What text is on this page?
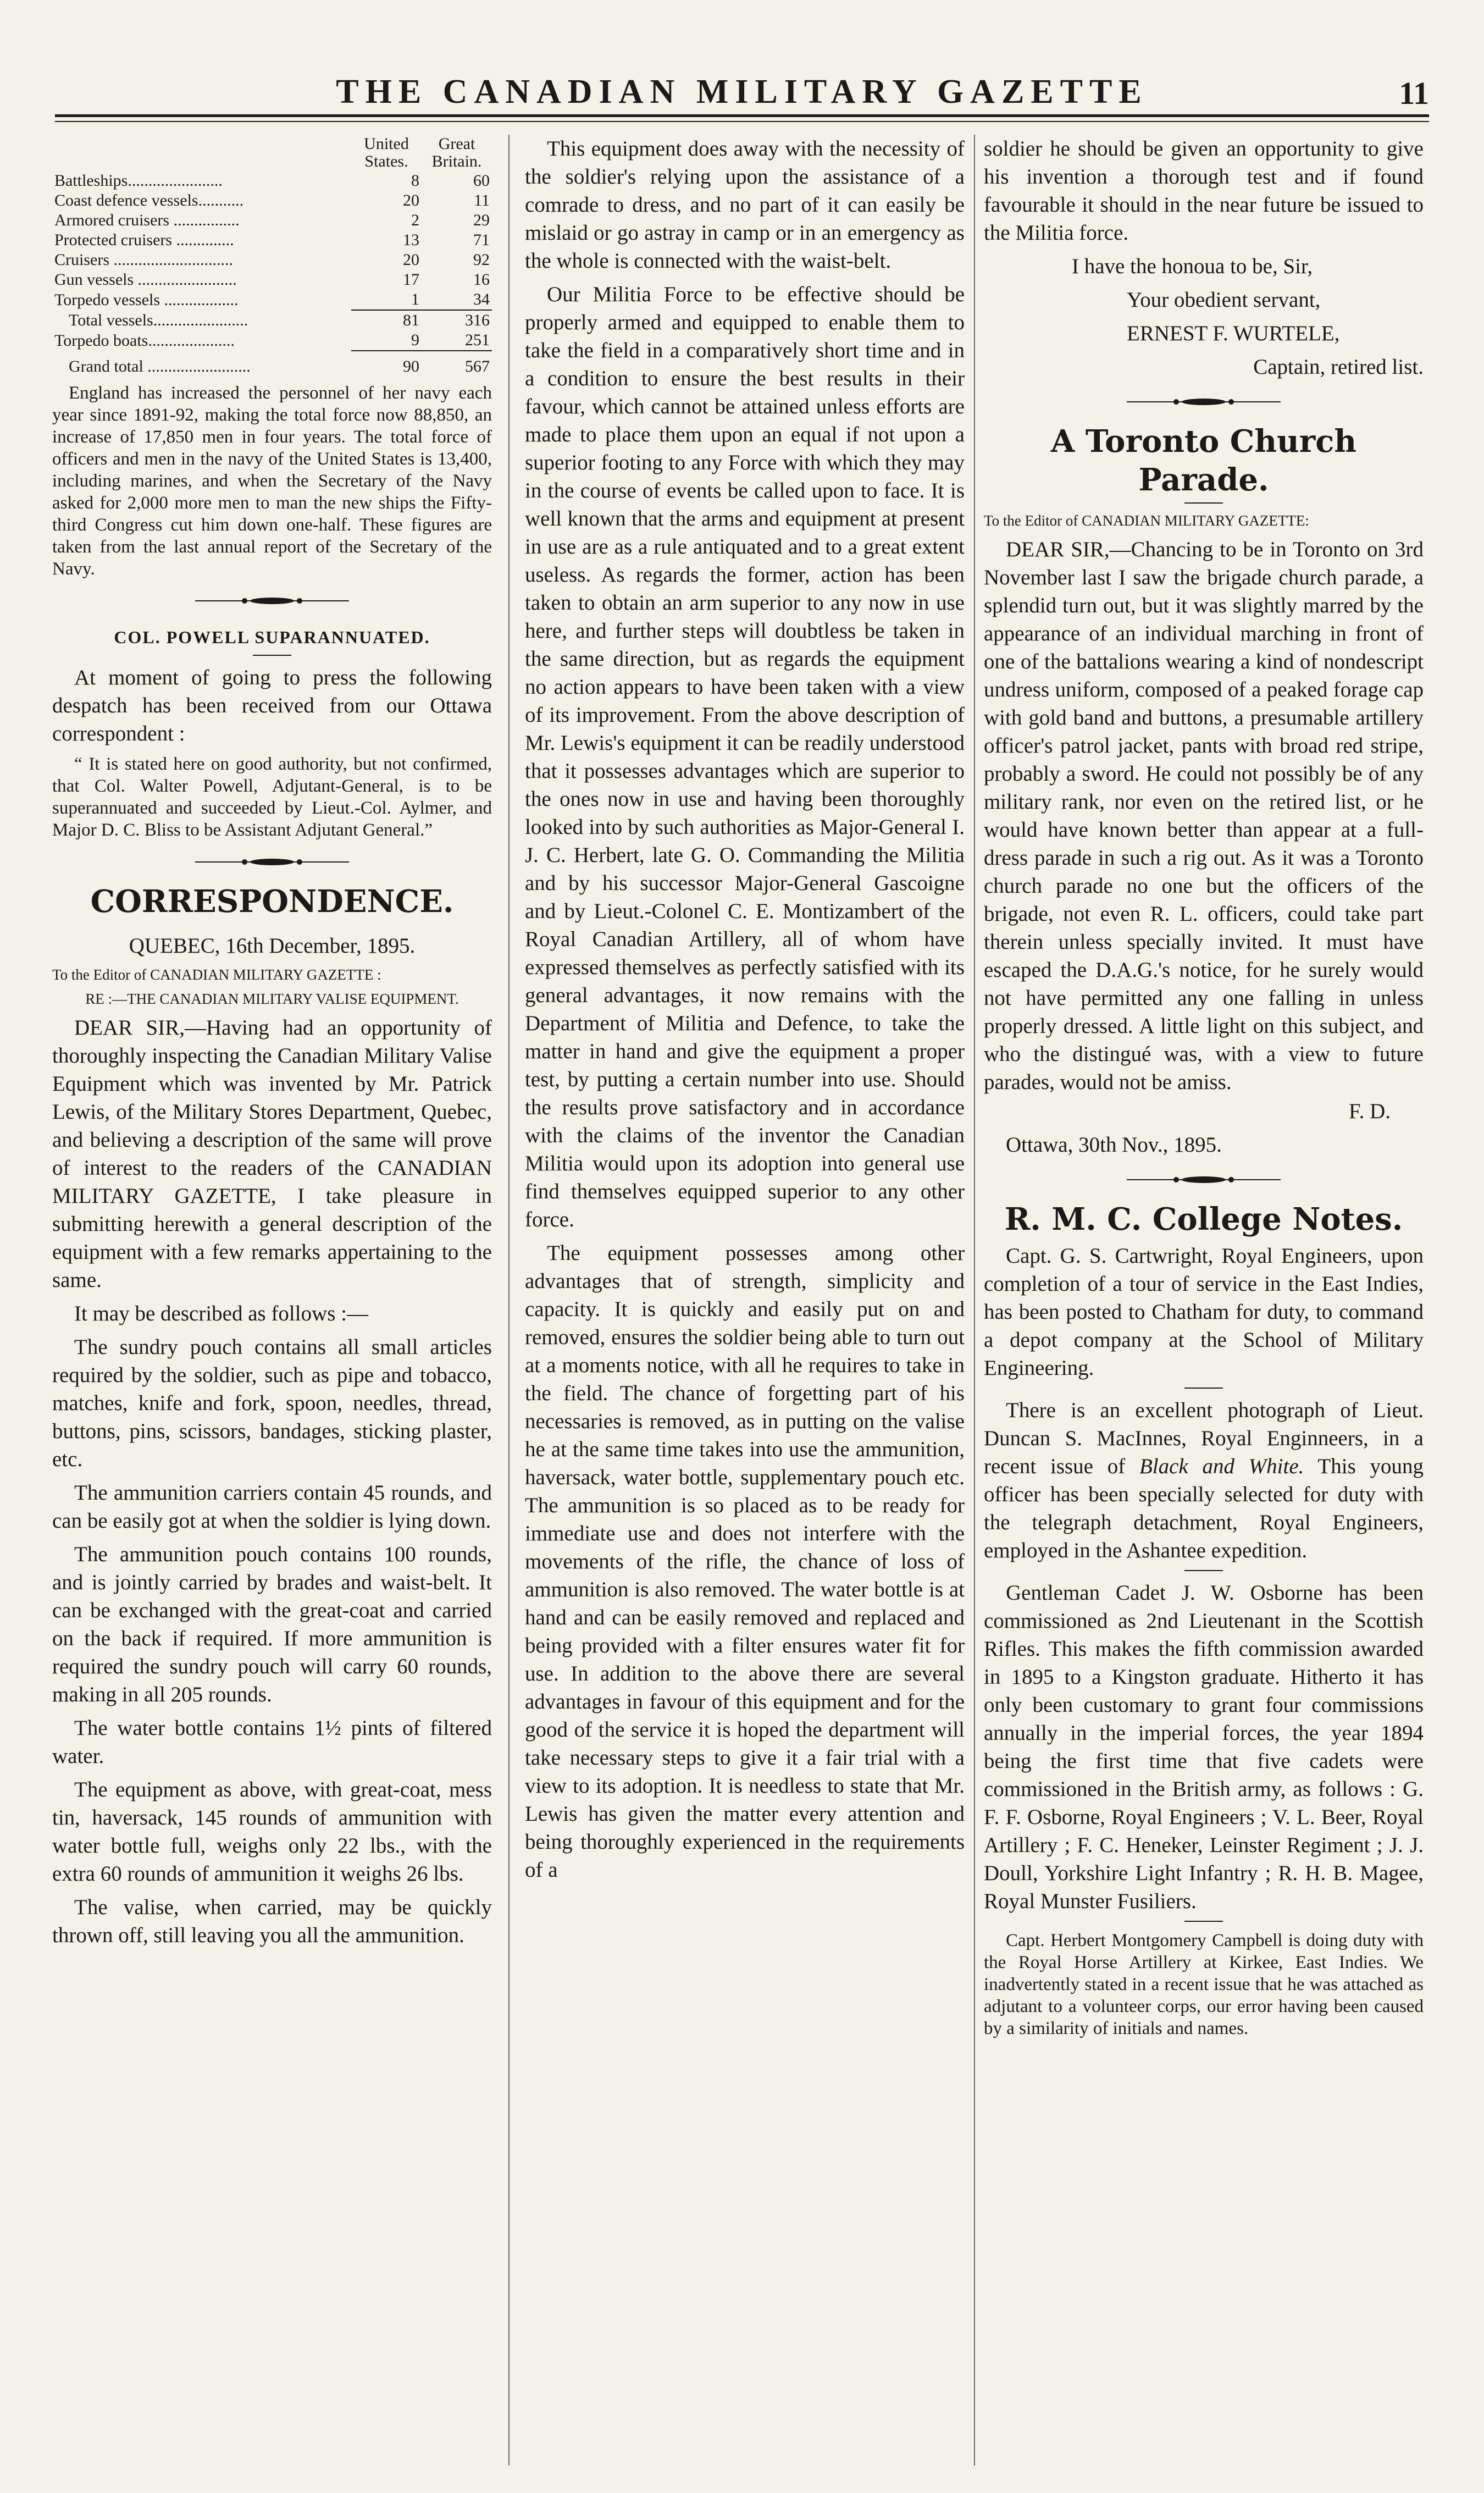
THE CANADIAN MILITARY GAZETTE	11
	United States.	Great Britain.
Battleships.......................	8	60
Coast defence vessels...........	20	11
Armored cruisers ................	2	29
Protected cruisers ..............	13	71
Cruisers .............................	20	92
Gun vessels ........................	17	16
Torpedo vessels ..................	1	34
Total vessels.......................	81	316
Torpedo boats.....................	9	251
Grand total .........................	90	567

England has increased the personnel of her navy each year since 1891-92, making the total force now 88,850, an increase of 17,850 men in four years. The total force of officers and men in the navy of the United States is 13,400, including marines, and when the Secretary of the Navy asked for 2,000 more men to man the new ships the Fifty-third Congress cut him down one-half. These figures are taken from the last annual report of the Secretary of the Navy.

COL. POWELL SUPARANNUATED.

At moment of going to press the following despatch has been received from our Ottawa correspondent :

“ It is stated here on good authority, but not confirmed, that Col. Walter Powell, Adjutant-General, is to be superannuated and succeeded by Lieut.-Col. Aylmer, and Major D. C. Bliss to be Assistant Adjutant General.”

CORRESPONDENCE.

QUEBEC, 16th December, 1895.

To the Editor of CANADIAN MILITARY GAZETTE :

RE :—THE CANADIAN MILITARY VALISE EQUIPMENT.

DEAR SIR,—Having had an opportunity of thoroughly inspecting the Canadian Military Valise Equipment which was invented by Mr. Patrick Lewis, of the Military Stores Department, Quebec, and believing a description of the same will prove of interest to the readers of the CANADIAN MILITARY GAZETTE, I take pleasure in submitting herewith a general description of the equipment with a few remarks appertaining to the same.

It may be described as follows :—

The sundry pouch contains all small articles required by the soldier, such as pipe and tobacco, matches, knife and fork, spoon, needles, thread, buttons, pins, scissors, bandages, sticking plaster, etc.

The ammunition carriers contain 45 rounds, and can be easily got at when the soldier is lying down.

The ammunition pouch contains 100 rounds, and is jointly carried by brades and waist-belt. It can be exchanged with the great-coat and carried on the back if required. If more ammunition is required the sundry pouch will carry 60 rounds, making in all 205 rounds.

The water bottle contains 1½ pints of filtered water.

The equipment as above, with great-coat, mess tin, haversack, 145 rounds of ammunition with water bottle full, weighs only 22 lbs., with the extra 60 rounds of ammunition it weighs 26 lbs.

The valise, when carried, may be quickly thrown off, still leaving you all the ammunition.

This equipment does away with the necessity of the soldier's relying upon the assistance of a comrade to dress, and no part of it can easily be mislaid or go astray in camp or in an emergency as the whole is connected with the waist-belt.

Our Militia Force to be effective should be properly armed and equipped to enable them to take the field in a comparatively short time and in a condition to ensure the best results in their favour, which cannot be attained unless efforts are made to place them upon an equal if not upon a superior footing to any Force with which they may in the course of events be called upon to face. It is well known that the arms and equipment at present in use are as a rule antiquated and to a great extent useless. As regards the former, action has been taken to obtain an arm superior to any now in use here, and further steps will doubtless be taken in the same direction, but as regards the equipment no action appears to have been taken with a view of its improvement. From the above description of Mr. Lewis's equipment it can be readily understood that it possesses advantages which are superior to the ones now in use and having been thoroughly looked into by such authorities as Major-General I. J. C. Herbert, late G. O. Commanding the Militia and by his successor Major-General Gascoigne and by Lieut.-Colonel C. E. Montizambert of the Royal Canadian Artillery, all of whom have expressed themselves as perfectly satisfied with its general advantages, it now remains with the Department of Militia and Defence, to take the matter in hand and give the equipment a proper test, by putting a certain number into use. Should the results prove satisfactory and in accordance with the claims of the inventor the Canadian Militia would upon its adoption into general use find themselves equipped superior to any other force.

The equipment possesses among other advantages that of strength, simplicity and capacity. It is quickly and easily put on and removed, ensures the soldier being able to turn out at a moments notice, with all he requires to take in the field. The chance of forgetting part of his necessaries is removed, as in putting on the valise he at the same time takes into use the ammunition, haversack, water bottle, supplementary pouch etc. The ammunition is so placed as to be ready for immediate use and does not interfere with the movements of the rifle, the chance of loss of ammunition is also removed. The water bottle is at hand and can be easily removed and replaced and being provided with a filter ensures water fit for use. In addition to the above there are several advantages in favour of this equipment and for the good of the service it is hoped the department will take necessary steps to give it a fair trial with a view to its adoption. It is needless to state that Mr. Lewis has given the matter every attention and being thoroughly experienced in the requirements of a

soldier he should be given an opportunity to give his invention a thorough test and if found favourable it should in the near future be issued to the Militia force.

I have the honoua to be, Sir,

Your obedient servant,

ERNEST F. WURTELE,

Captain, retired list.

A Toronto Church Parade.

To the Editor of CANADIAN MILITARY GAZETTE:

DEAR SIR,—Chancing to be in Toronto on 3rd November last I saw the brigade church parade, a splendid turn out, but it was slightly marred by the appearance of an individual marching in front of one of the battalions wearing a kind of nondescript undress uniform, composed of a peaked forage cap with gold band and buttons, a presumable artillery officer's patrol jacket, pants with broad red stripe, probably a sword. He could not possibly be of any military rank, nor even on the retired list, or he would have known better than appear at a full-dress parade in such a rig out. As it was a Toronto church parade no one but the officers of the brigade, not even R. L. officers, could take part therein unless specially invited. It must have escaped the D.A.G.'s notice, for he surely would not have permitted any one falling in unless properly dressed. A little light on this subject, and who the distingué was, with a view to future parades, would not be amiss.

F. D.

Ottawa, 30th Nov., 1895.

R. M. C. College Notes.

Capt. G. S. Cartwright, Royal Engineers, upon completion of a tour of service in the East Indies, has been posted to Chatham for duty, to command a depot company at the School of Military Engineering.

There is an excellent photograph of Lieut. Duncan S. MacInnes, Royal Enginneers, in a recent issue of Black and White. This young officer has been specially selected for duty with the telegraph detachment, Royal Engineers, employed in the Ashantee expedition.

Gentleman Cadet J. W. Osborne has been commissioned as 2nd Lieutenant in the Scottish Rifles. This makes the fifth commission awarded in 1895 to a Kingston graduate. Hitherto it has only been customary to grant four commissions annually in the imperial forces, the year 1894 being the first time that five cadets were commissioned in the British army, as follows : G. F. F. Osborne, Royal Engineers ; V. L. Beer, Royal Artillery ; F. C. Heneker, Leinster Regiment ; J. J. Doull, Yorkshire Light Infantry ; R. H. B. Magee, Royal Munster Fusiliers.

Capt. Herbert Montgomery Campbell is doing duty with the Royal Horse Artillery at Kirkee, East Indies. We inadvertently stated in a recent issue that he was attached as adjutant to a volunteer corps, our error having been caused by a similarity of initials and names.
